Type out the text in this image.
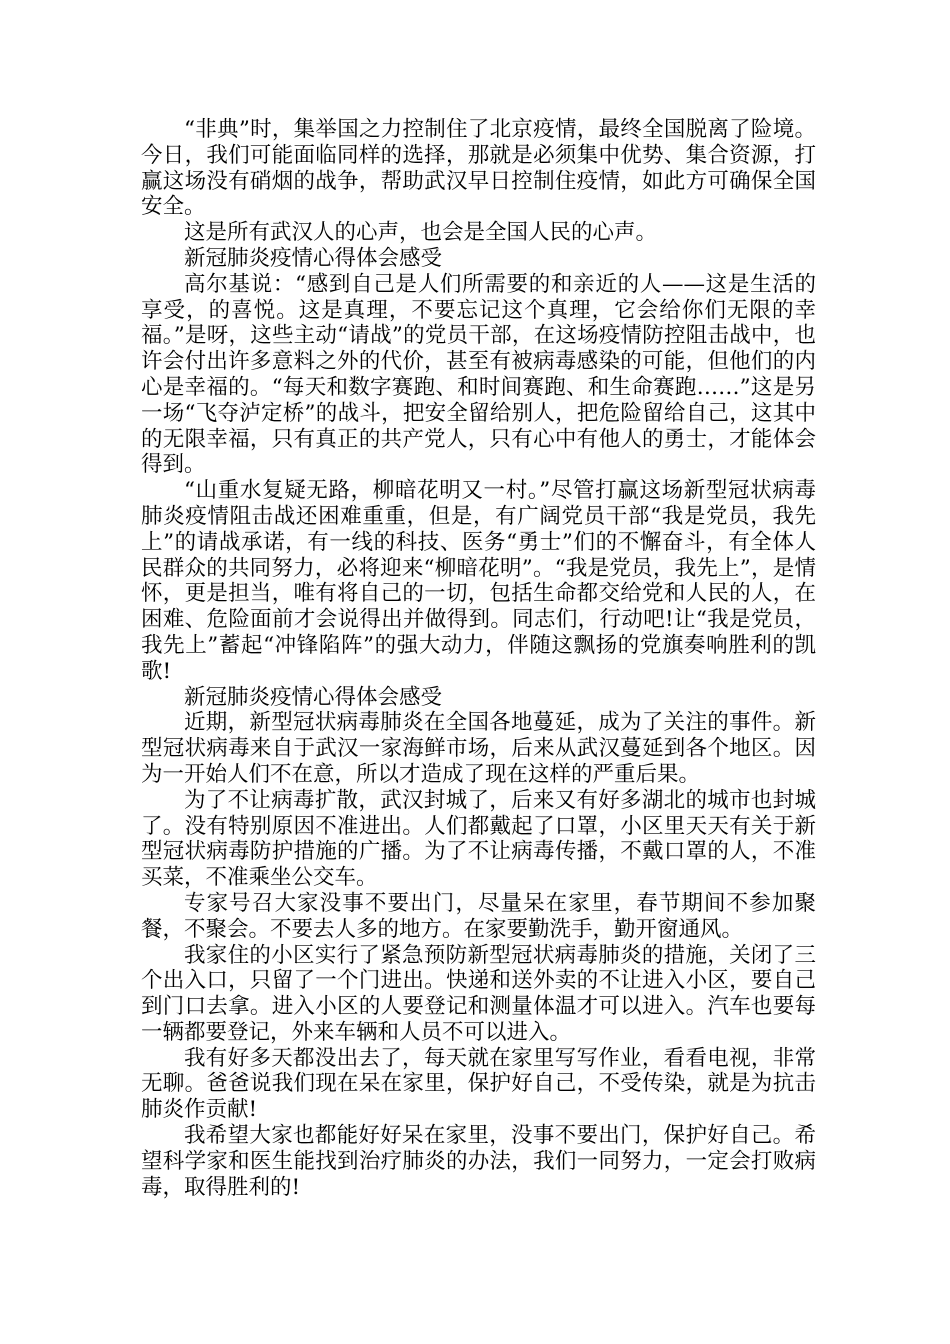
“非典”时，集举国之力控制住了北京疫情，最终全国脱离了险境。今日，我们可能面临同样的选择，那就是必须集中优势、集合资源，打赢这场没有硝烟的战争，帮助武汉早日控制住疫情，如此方可确保全国安全。

这是所有武汉人的心声，也会是全国人民的心声。

新冠肺炎疫情心得体会感受

高尔基说：“感到自己是人们所需要的和亲近的人——这是生活的享受，的喜悦。这是真理，不要忘记这个真理，它会给你们无限的幸福。”是呀，这些主动“请战”的党员干部，在这场疫情防控阻击战中，也许会付出许多意料之外的代价，甚至有被病毒感染的可能，但他们的内心是幸福的。“每天和数字赛跑、和时间赛跑、和生命赛跑……”这是另一场“飞夺泸定桥”的战斗，把安全留给别人，把危险留给自己，这其中的无限幸福，只有真正的共产党人，只有心中有他人的勇士，才能体会得到。

“山重水复疑无路，柳暗花明又一村。”尽管打赢这场新型冠状病毒肺炎疫情阻击战还困难重重，但是，有广阔党员干部“我是党员，我先上”的请战承诺，有一线的科技、医务“勇士”们的不懈奋斗，有全体人民群众的共同努力，必将迎来“柳暗花明”。“我是党员，我先上”，是情怀，更是担当，唯有将自己的一切，包括生命都交给党和人民的人，在困难、危险面前才会说得出并做得到。同志们，行动吧!让“我是党员，我先上”蓄起“冲锋陷阵”的强大动力，伴随这飘扬的党旗奏响胜利的凯歌!

新冠肺炎疫情心得体会感受

近期，新型冠状病毒肺炎在全国各地蔓延，成为了关注的事件。新型冠状病毒来自于武汉一家海鲜市场，后来从武汉蔓延到各个地区。因为一开始人们不在意，所以才造成了现在这样的严重后果。

为了不让病毒扩散，武汉封城了，后来又有好多湖北的城市也封城了。没有特别原因不准进出。人们都戴起了口罩，小区里天天有关于新型冠状病毒防护措施的广播。为了不让病毒传播，不戴口罩的人，不准买菜，不准乘坐公交车。

专家号召大家没事不要出门，尽量呆在家里，春节期间不参加聚餐，不聚会。不要去人多的地方。在家要勤洗手，勤开窗通风。

我家住的小区实行了紧急预防新型冠状病毒肺炎的措施，关闭了三个出入口，只留了一个门进出。快递和送外卖的不让进入小区，要自己到门口去拿。进入小区的人要登记和测量体温才可以进入。汽车也要每一辆都要登记，外来车辆和人员不可以进入。

我有好多天都没出去了，每天就在家里写写作业，看看电视，非常无聊。爸爸说我们现在呆在家里，保护好自己，不受传染，就是为抗击肺炎作贡献!

我希望大家也都能好好呆在家里，没事不要出门，保护好自己。希望科学家和医生能找到治疗肺炎的办法，我们一同努力，一定会打败病毒，取得胜利的!
